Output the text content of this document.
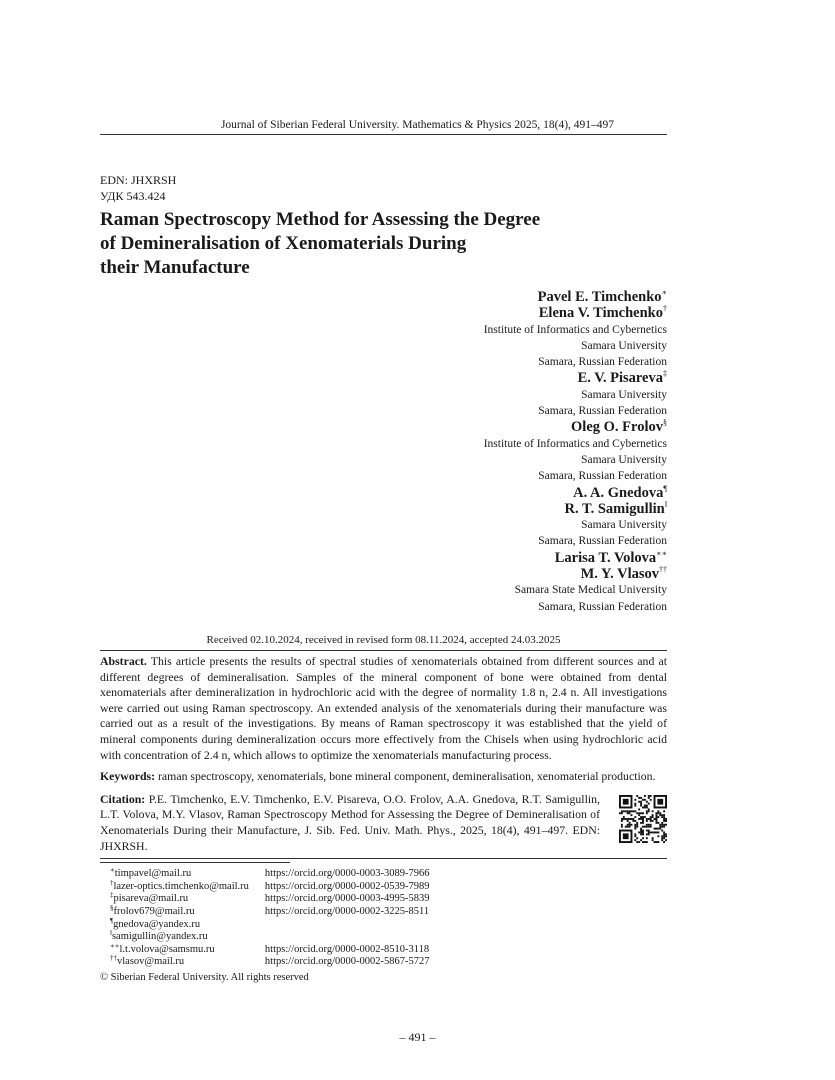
Journal of Siberian Federal University. Mathematics & Physics 2025, 18(4), 491–497
EDN: JHXRSH
УДК 543.424
Raman Spectroscopy Method for Assessing the Degree
of Demineralisation of Xenomaterials During
their Manufacture
Pavel E. Timchenko∗
Elena V. Timchenko†
Institute of Informatics and Cybernetics
Samara University
Samara, Russian Federation
E. V. Pisareva‡
Samara University
Samara, Russian Federation
Oleg O. Frolov§
Institute of Informatics and Cybernetics
Samara University
Samara, Russian Federation
A. A. Gnedova¶
R. T. Samigullin‖
Samara University
Samara, Russian Federation
Larisa T. Volova∗∗
M. Y. Vlasov††
Samara State Medical University
Samara, Russian Federation
Received 02.10.2024, received in revised form 08.11.2024, accepted 24.03.2025
Abstract. This article presents the results of spectral studies of xenomaterials obtained from different sources and at different degrees of demineralisation. Samples of the mineral component of bone were obtained from dental xenomaterials after demineralization in hydrochloric acid with the degree of normality 1.8 n, 2.4 n. All investigations were carried out using Raman spectroscopy. An extended analysis of the xenomaterials during their manufacture was carried out as a result of the investigations. By means of Raman spectroscopy it was established that the yield of mineral components during demineralization occurs more effectively from the Chisels when using hydrochloric acid with concentration of 2.4 n, which allows to optimize the xenomaterials manufacturing process.
Keywords: raman spectroscopy, xenomaterials, bone mineral component, demineralisation, xenomaterial production.
Citation: P.E. Timchenko, E.V. Timchenko, E.V. Pisareva, O.O. Frolov, A.A. Gnedova, R.T. Samigullin, L.T. Volova, M.Y. Vlasov, Raman Spectroscopy Method for Assessing the Degree of Demineralisation of Xenomaterials During their Manufacture, J. Sib. Fed. Univ. Math. Phys., 2025, 18(4), 491–497. EDN: JHXRSH.
∗timpavel@mail.ru	https://orcid.org/0000-0003-3089-7966
†lazer-optics.timchenko@mail.ru https://orcid.org/0000-0002-0539-7989
‡pisareva@mail.ru	https://orcid.org/0000-0003-4995-5839
§frolov679@mail.ru	https://orcid.org/0000-0002-3225-8511
¶gnedova@yandex.ru
‖samigullin@yandex.ru
∗∗l.t.volova@samsmu.ru	https://orcid.org/0000-0002-8510-3118
††vlasov@mail.ru	https://orcid.org/0000-0002-5867-5727
© Siberian Federal University. All rights reserved
– 491 –
